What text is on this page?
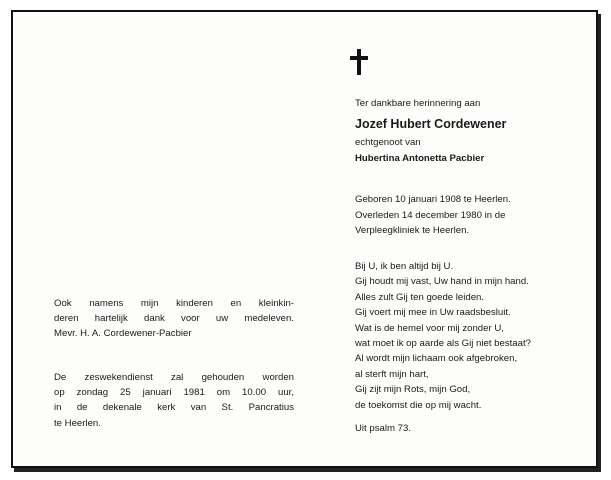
Ook namens mijn kinderen en kleinkin-
deren hartelijk dank voor uw medeleven.
Mevr. H. A. Cordewener-Pacbier
De zeswekendienst zal gehouden worden
op zondag 25 januari 1981 om 10.00 uur,
in de dekenale kerk van St. Pancratius
te Heerlen.
Ter dankbare herinnering aan
Jozef Hubert Cordewener
echtgenoot van
Hubertina Antonetta Pacbier
Geboren 10 januari 1908 te Heerlen.
Overleden 14 december 1980 in de
Verpleegkliniek te Heerlen.
Bij U, ik ben altijd bij U.
Gij houdt mij vast, Uw hand in mijn hand.
Alles zult Gij ten goede leiden.
Gij voert mij mee in Uw raadsbesluit.
Wat is de hemel voor mij zonder U,
wat moet ik op aarde als Gij niet bestaat?
Al wordt mijn lichaam ook afgebroken,
al sterft mijn hart,
Gij zijt mijn Rots, mijn God,
de toekomst die op mij wacht.
Uit psalm 73.
